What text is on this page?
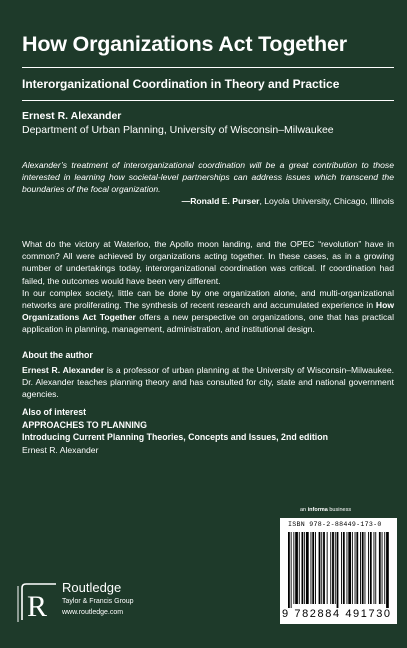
How Organizations Act Together
Interorganizational Coordination in Theory and Practice
Ernest R. Alexander
Department of Urban Planning, University of Wisconsin–Milwaukee
Alexander’s treatment of interorganizational coordination will be a great contribution to those interested in learning how societal-level partnerships can address issues which transcend the boundaries of the focal organization.
—Ronald E. Purser, Loyola University, Chicago, Illinois

What do the victory at Waterloo, the Apollo moon landing, and the OPEC “revolution” have in common? All were achieved by organizations acting together. In these cases, as in a growing number of undertakings today, interorganizational coordination was critical. If coordination had failed, the outcomes would have been very different.

In our complex society, little can be done by one organization alone, and multi-organizational networks are proliferating. The synthesis of recent research and accumulated experience in How Organizations Act Together offers a new perspective on organizations, one that has practical application in planning, management, administration, and institutional design.

About the author
Ernest R. Alexander is a professor of urban planning at the University of Wisconsin–Milwaukee. Dr. Alexander teaches planning theory and has consulted for city, state and national government agencies.
Also of interest
APPROACHES TO PLANNING
Introducing Current Planning Theories, Concepts and Issues, 2nd edition
Ernest R. Alexander
an informa business
ISBN 978-2-88449-173-0
9 782884 491730
R
Routledge
Taylor & Francis Group
www.routledge.com
